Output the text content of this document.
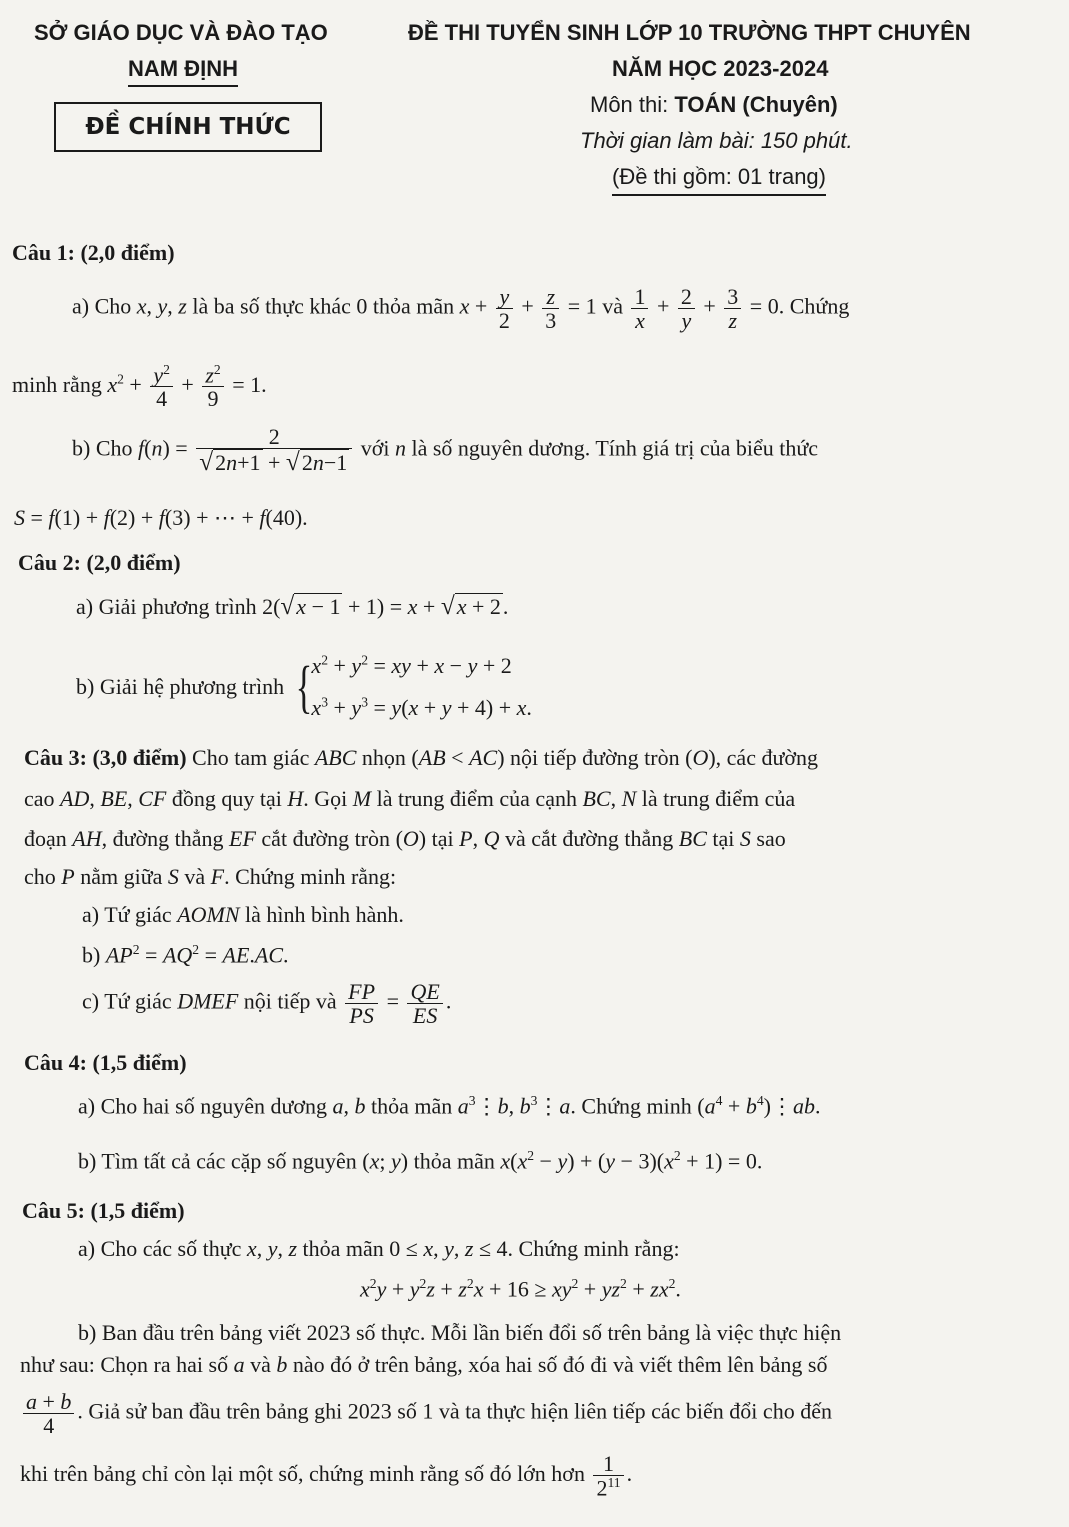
SỞ GIÁO DỤC VÀ ĐÀO TẠO
NAM ĐỊNH
ĐỀ CHÍNH THỨC
ĐỀ THI TUYỂN SINH LỚP 10 TRƯỜNG THPT CHUYÊN
NĂM HỌC 2023-2024
Môn thi: TOÁN (Chuyên)
Thời gian làm bài: 150 phút.
(Đề thi gồm: 01 trang)
Câu 1: (2,0 điểm)
a) Cho x, y, z là ba số thực khác 0 thỏa mãn $x + \frac{y}{2} + \frac{z}{3} = 1$ và $\frac{1}{x} + \frac{2}{y} + \frac{3}{z} = 0$. Chứng
minh rằng $x^2 + \frac{y^2}{4} + \frac{z^2}{9} = 1$.
b) Cho $f(n) = \frac{2}{√2n+1 + √2n-1}$ với n là số nguyên dương. Tính giá trị của biểu thức
S = f(1) + f(2) + f(3) + ⋯ + f(40).
Câu 2: (2,0 điểm)
a) Giải phương trình 2(√x − 1 + 1) = x + √x + 2.
b) Giải hệ phương trình { $x^2 + y^2$ = xy + x − y + 2
$x^3 + y^3 = y(x + y + 4) + x$.
Câu 3: (3,0 điểm) Cho tam giác ABC nhọn (AB < AC) nội tiếp đường tròn (O), các đường
cao AD, BE, CF đồng quy tại H. Gọi M là trung điểm của cạnh BC, N là trung điểm của
đoạn AH, đường thẳng EF cắt đường tròn (O) tại P, Q và cắt đường thẳng BC tại S sao
cho P nằm giữa S và F. Chứng minh rằng:
a) Tứ giác AOMN là hình bình hành.
b) $AP^2 = AQ^2 = AE.AC$.
c) Tứ giác DMEF nội tiếp và $\frac{FP}{PS} = \frac{QE}{ES}$ .
Câu 4: (1,5 điểm)
a) Cho hai số nguyên dương a, b thỏa mãn $a^3⋮b$, $b^3⋮a$. Chứng minh ($a^4$ + $b^4)⋮ab$.
b) Tìm tất cả các cặp số nguyên (x; y) thỏa mãn $x(x^2 - y) + (y - 3)(x^2 + 1) = 0$.
Câu 5: (1,5 điểm)
a) Cho các số thực x, y, z thỏa mãn 0 ≤ x, y, z ≤ 4. Chứng minh rằng:
$x^2y + y^2z + z^2x + 16 \ge xy^2 + yz^2 + zx^2$.
b) Ban đầu trên bảng viết 2023 số thực. Mỗi lần biến đổi số trên bảng là việc thực hiện
như sau: Chọn ra hai số a và b nào đó ở trên bảng, xóa hai số đó đi và viết thêm lên bảng số
$\frac{a + b}{4}$ . Giả sử ban đầu trên bảng ghi 2023 số 1 và ta thực hiện liên tiếp các biến đổi cho đến
khi trên bảng chỉ còn lại một số, chứng minh rằng số đó lớn hơn $\frac{1}{2^{11}}$ .
